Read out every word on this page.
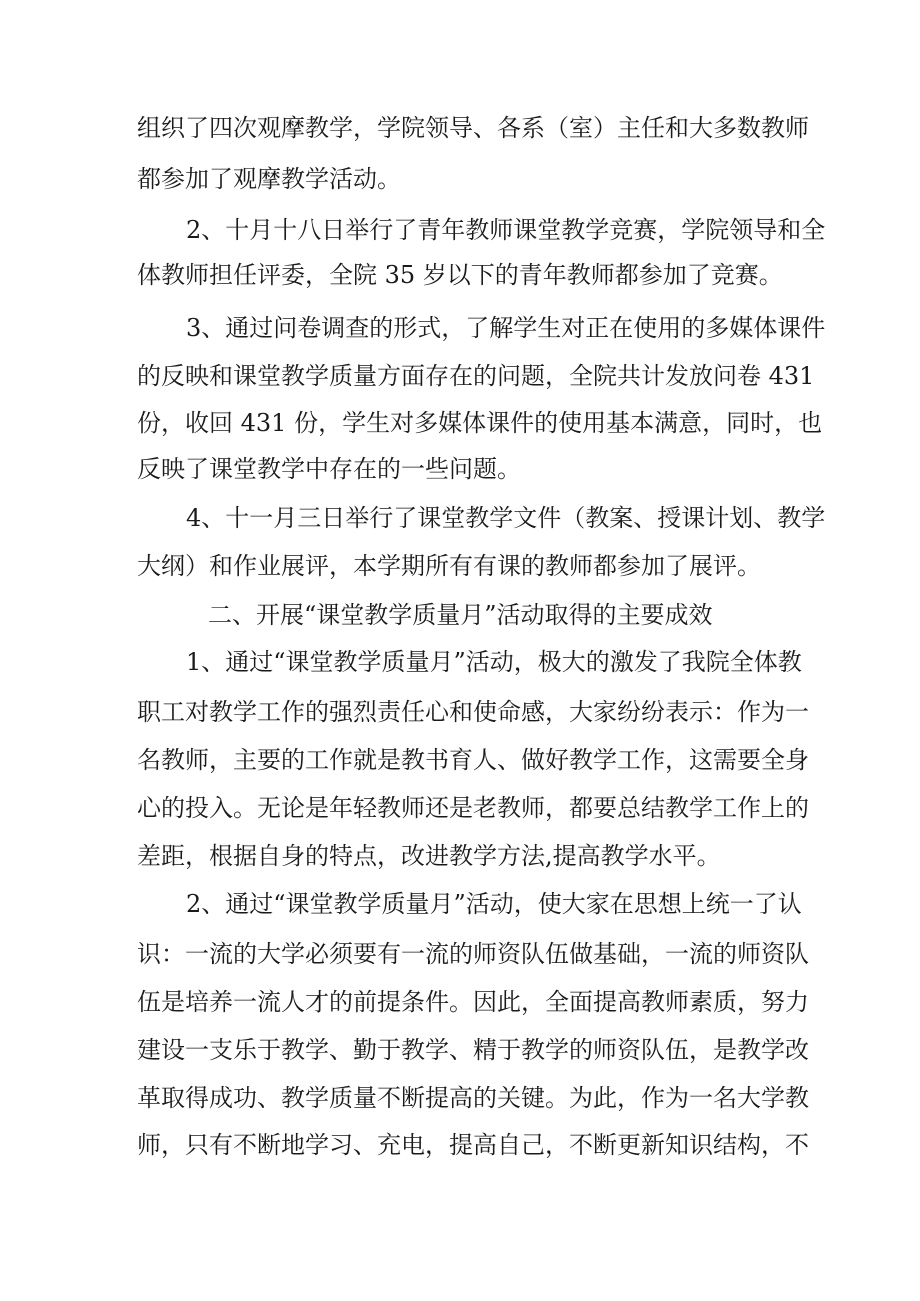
组织了四次观摩教学，学院领导、各系（室）主任和大多数教师
都参加了观摩教学活动。
2、十月十八日举行了青年教师课堂教学竞赛，学院领导和全
体教师担任评委，全院 35 岁以下的青年教师都参加了竞赛。
3、通过问卷调查的形式，了解学生对正在使用的多媒体课件
的反映和课堂教学质量方面存在的问题，全院共计发放问卷 431
份，收回 431 份，学生对多媒体课件的使用基本满意，同时，也
反映了课堂教学中存在的一些问题。
4、十一月三日举行了课堂教学文件（教案、授课计划、教学
大纲）和作业展评，本学期所有有课的教师都参加了展评。
二、开展“课堂教学质量月”活动取得的主要成效
1、通过“课堂教学质量月”活动，极大的激发了我院全体教
职工对教学工作的强烈责任心和使命感，大家纷纷表示：作为一
名教师，主要的工作就是教书育人、做好教学工作，这需要全身
心的投入。无论是年轻教师还是老教师，都要总结教学工作上的
差距，根据自身的特点，改进教学方法,提高教学水平。
2、通过“课堂教学质量月”活动，使大家在思想上统一了认
识：一流的大学必须要有一流的师资队伍做基础，一流的师资队
伍是培养一流人才的前提条件。因此，全面提高教师素质，努力
建设一支乐于教学、勤于教学、精于教学的师资队伍，是教学改
革取得成功、教学质量不断提高的关键。为此，作为一名大学教
师，只有不断地学习、充电，提高自己，不断更新知识结构，不
